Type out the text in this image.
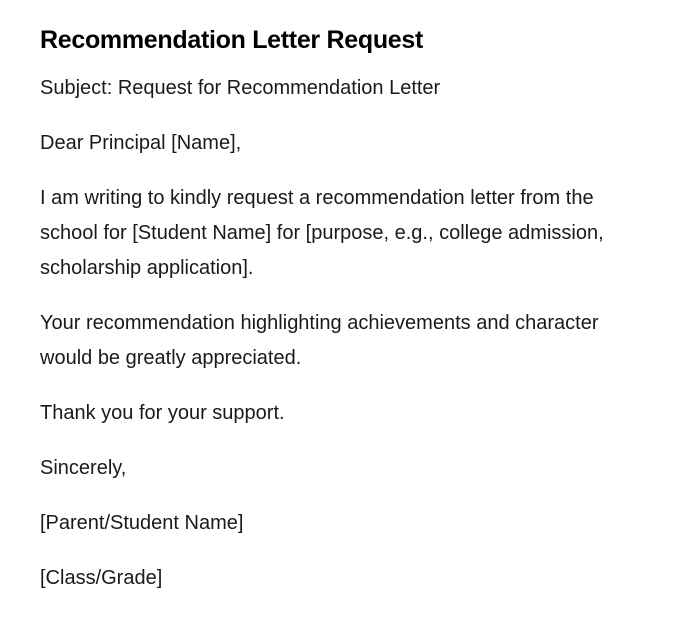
Recommendation Letter Request

Subject: Request for Recommendation Letter

Dear Principal [Name],

I am writing to kindly request a recommendation letter from the school for [Student Name] for [purpose, e.g., college admission, scholarship application].

Your recommendation highlighting achievements and character would be greatly appreciated.

Thank you for your support.

Sincerely,

[Parent/Student Name]

[Class/Grade]
